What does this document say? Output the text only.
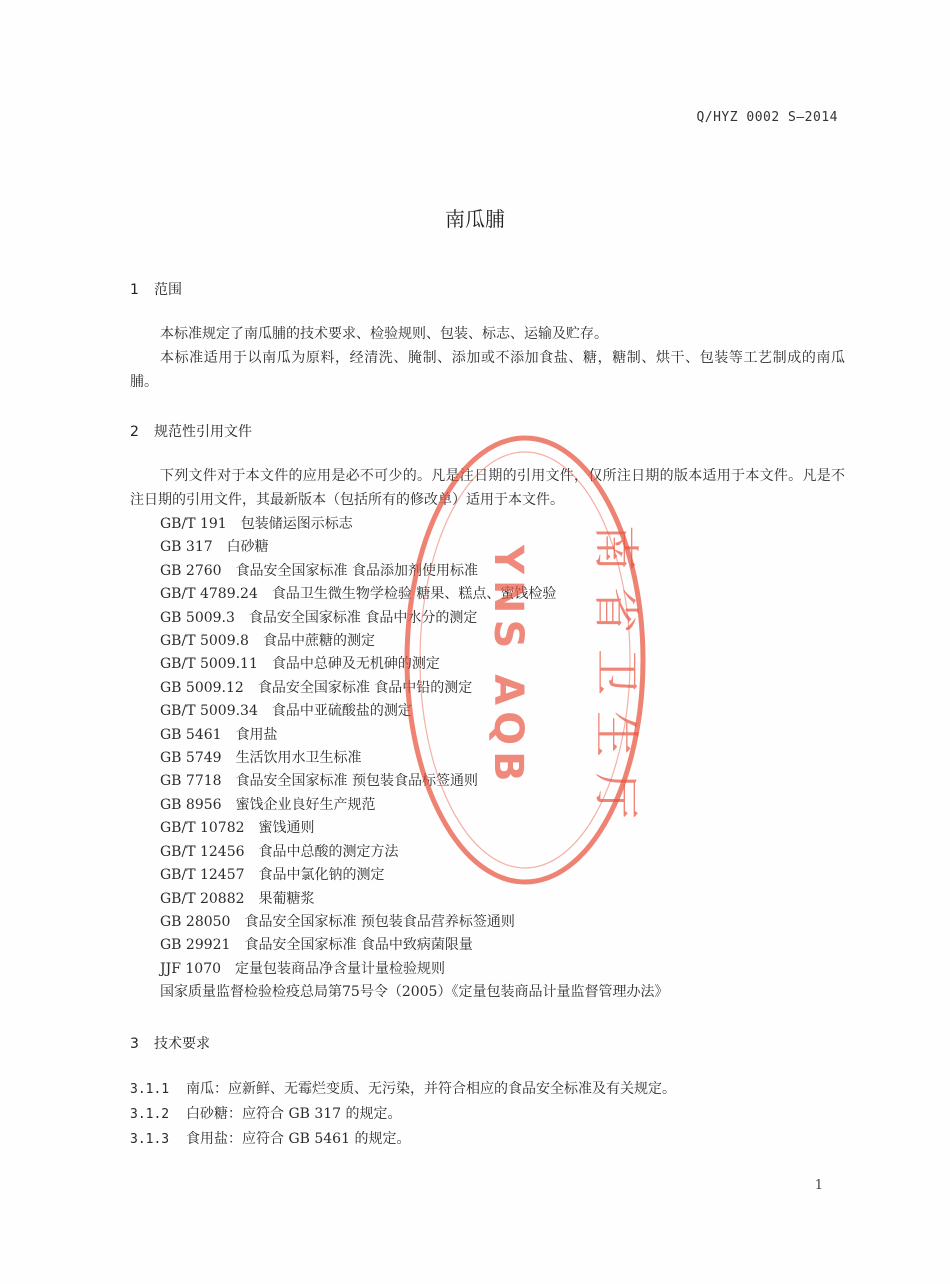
Q/HYZ 0002 S—2014
南瓜脯
1 范围
本标准规定了南瓜脯的技术要求、检验规则、包装、标志、运输及贮存。
本标准适用于以南瓜为原料，经清洗、腌制、添加或不添加食盐、糖，糖制、烘干、包装等工艺制成的南瓜脯。
2 规范性引用文件
下列文件对于本文件的应用是必不可少的。凡是注日期的引用文件，仅所注日期的版本适用于本文件。凡是不注日期的引用文件，其最新版本（包括所有的修改单）适用于本文件。
GB/T 191 包装储运图示标志
GB 317 白砂糖
GB 2760 食品安全国家标准 食品添加剂使用标准
GB/T 4789.24 食品卫生微生物学检验 糖果、糕点、蜜饯检验
GB 5009.3 食品安全国家标准 食品中水分的测定
GB/T 5009.8 食品中蔗糖的测定
GB/T 5009.11 食品中总砷及无机砷的测定
GB 5009.12 食品安全国家标准 食品中铅的测定
GB/T 5009.34 食品中亚硫酸盐的测定
GB 5461 食用盐
GB 5749 生活饮用水卫生标准
GB 7718 食品安全国家标准 预包装食品标签通则
GB 8956 蜜饯企业良好生产规范
GB/T 10782 蜜饯通则
GB/T 12456 食品中总酸的测定方法
GB/T 12457 食品中氯化钠的测定
GB/T 20882 果葡糖浆
GB 28050 食品安全国家标准 预包装食品营养标签通则
GB 29921 食品安全国家标准 食品中致病菌限量
JJF 1070 定量包装商品净含量计量检验规则
国家质量监督检验检疫总局第75号令（2005）《定量包装商品计量监督管理办法》
3 技术要求
3.1.1 南瓜：应新鲜、无霉烂变质、无污染，并符合相应的食品安全标准及有关规定。
3.1.2 白砂糖：应符合 GB 317 的规定。
3.1.3 食用盐：应符合 GB 5461 的规定。
南省卫生厅
YNS AQB
1
